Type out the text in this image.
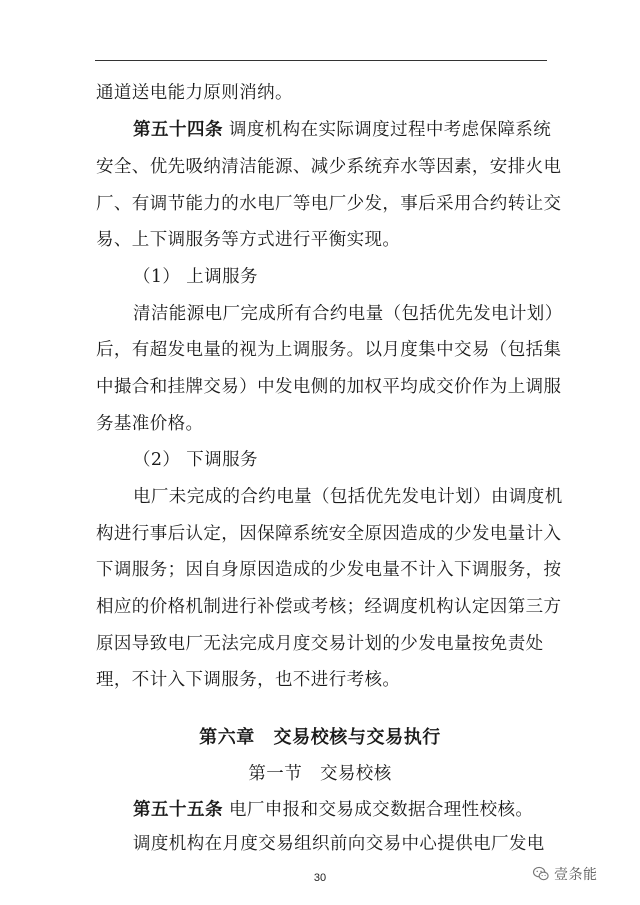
通道送电能力原则消纳。
第五十四条 调度机构在实际调度过程中考虑保障系统
安全、优先吸纳清洁能源、减少系统弃水等因素，安排火电
厂、有调节能力的水电厂等电厂少发，事后采用合约转让交
易、上下调服务等方式进行平衡实现。
（1） 上调服务
清洁能源电厂完成所有合约电量（包括优先发电计划）
后，有超发电量的视为上调服务。以月度集中交易（包括集
中撮合和挂牌交易）中发电侧的加权平均成交价作为上调服
务基准价格。
（2） 下调服务
电厂未完成的合约电量（包括优先发电计划）由调度机
构进行事后认定，因保障系统安全原因造成的少发电量计入
下调服务；因自身原因造成的少发电量不计入下调服务，按
相应的价格机制进行补偿或考核；经调度机构认定因第三方
原因导致电厂无法完成月度交易计划的少发电量按免责处
理，不计入下调服务，也不进行考核。
第六章　交易校核与交易执行
第一节　交易校核
第五十五条 电厂申报和交易成交数据合理性校核。
调度机构在月度交易组织前向交易中心提供电厂发电
30	壹条能
